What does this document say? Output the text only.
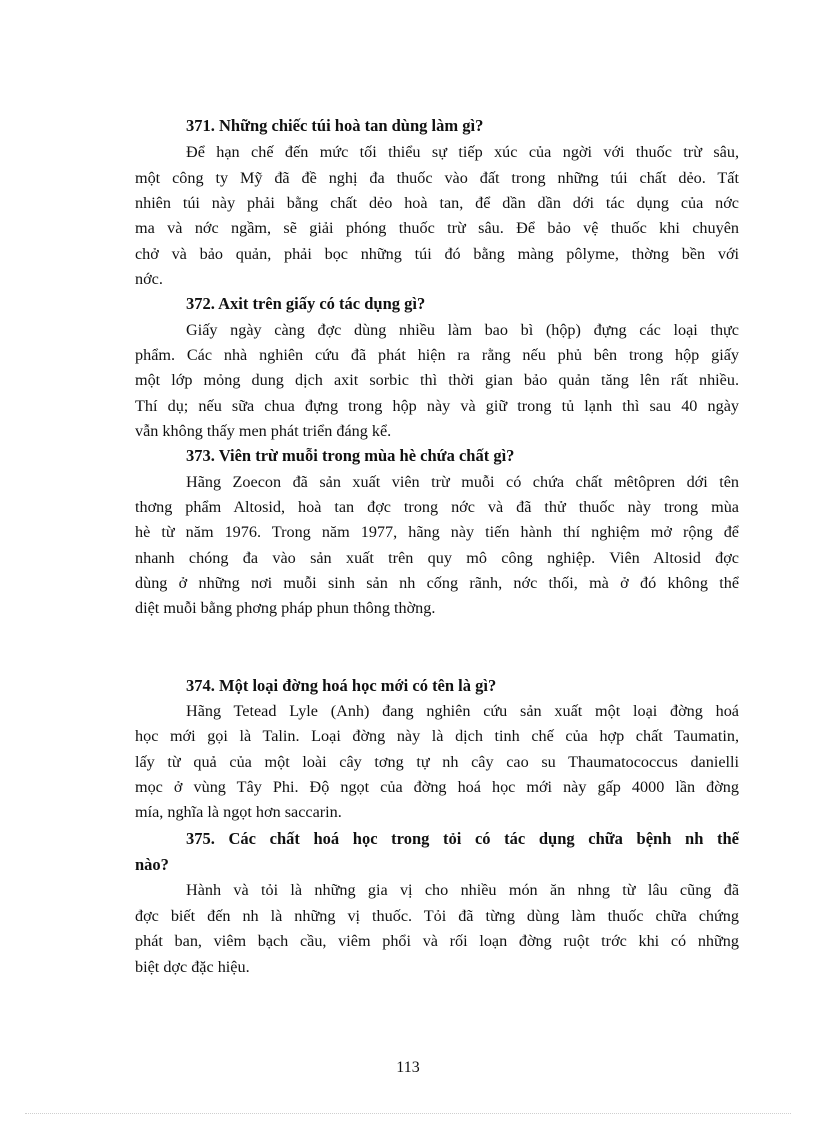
371. Những chiếc túi hoà tan dùng làm gì?
Để hạn chế đến mức tối thiểu sự tiếp xúc của ngời với thuốc trừ sâu,
một công ty Mỹ đã đề nghị đa thuốc vào đất trong những túi chất dẻo. Tất
nhiên túi này phải bằng chất dẻo hoà tan, để dần dần dới tác dụng của nớc
ma và nớc ngầm, sẽ giải phóng thuốc trừ sâu. Để bảo vệ thuốc khi chuyên
chở và bảo quản, phải bọc những túi đó bằng màng pôlyme, thờng bền với
nớc.
372. Axit trên giấy có tác dụng gì?
Giấy ngày càng đợc dùng nhiều làm bao bì (hộp) đựng các loại thực
phẩm. Các nhà nghiên cứu đã phát hiện ra rằng nếu phủ bên trong hộp giấy
một lớp mỏng dung dịch axit sorbic thì thời gian bảo quản tăng lên rất nhiều.
Thí dụ; nếu sữa chua đựng trong hộp này và giữ trong tủ lạnh thì sau 40 ngày
vẫn không thấy men phát triển đáng kể.
373. Viên trừ muỗi trong mùa hè chứa chất gì?
Hãng Zoecon đã sản xuất viên trừ muỗi có chứa chất mêtôpren dới tên
thơng phẩm Altosid, hoà tan đợc trong nớc và đã thử thuốc này trong mùa
hè từ năm 1976. Trong năm 1977, hãng này tiến hành thí nghiệm mở rộng để
nhanh chóng đa vào sản xuất trên quy mô công nghiệp. Viên Altosid đợc
dùng ở những nơi muỗi sinh sản nh cống rãnh, nớc thối, mà ở đó không thể
diệt muỗi bằng phơng pháp phun thông thờng.
374. Một loại đờng hoá học mới có tên là gì?
Hãng Tetead Lyle (Anh) đang nghiên cứu sản xuất một loại đờng hoá
học mới gọi là Talin. Loại đờng này là dịch tinh chế của hợp chất Taumatin,
lấy từ quả của một loài cây tơng tự nh cây cao su Thaumatococcus danielli
mọc ở vùng Tây Phi. Độ ngọt của đờng hoá học mới này gấp 4000 lần đờng
mía, nghĩa là ngọt hơn saccarin.
375. Các chất hoá học trong tỏi có tác dụng chữa bệnh nh thế
nào?
Hành và tỏi là những gia vị cho nhiều món ăn nhng từ lâu cũng đã
đợc biết đến nh là những vị thuốc. Tỏi đã từng dùng làm thuốc chữa chứng
phát ban, viêm bạch cầu, viêm phổi và rối loạn đờng ruột trớc khi có những
biệt dợc đặc hiệu.
113
